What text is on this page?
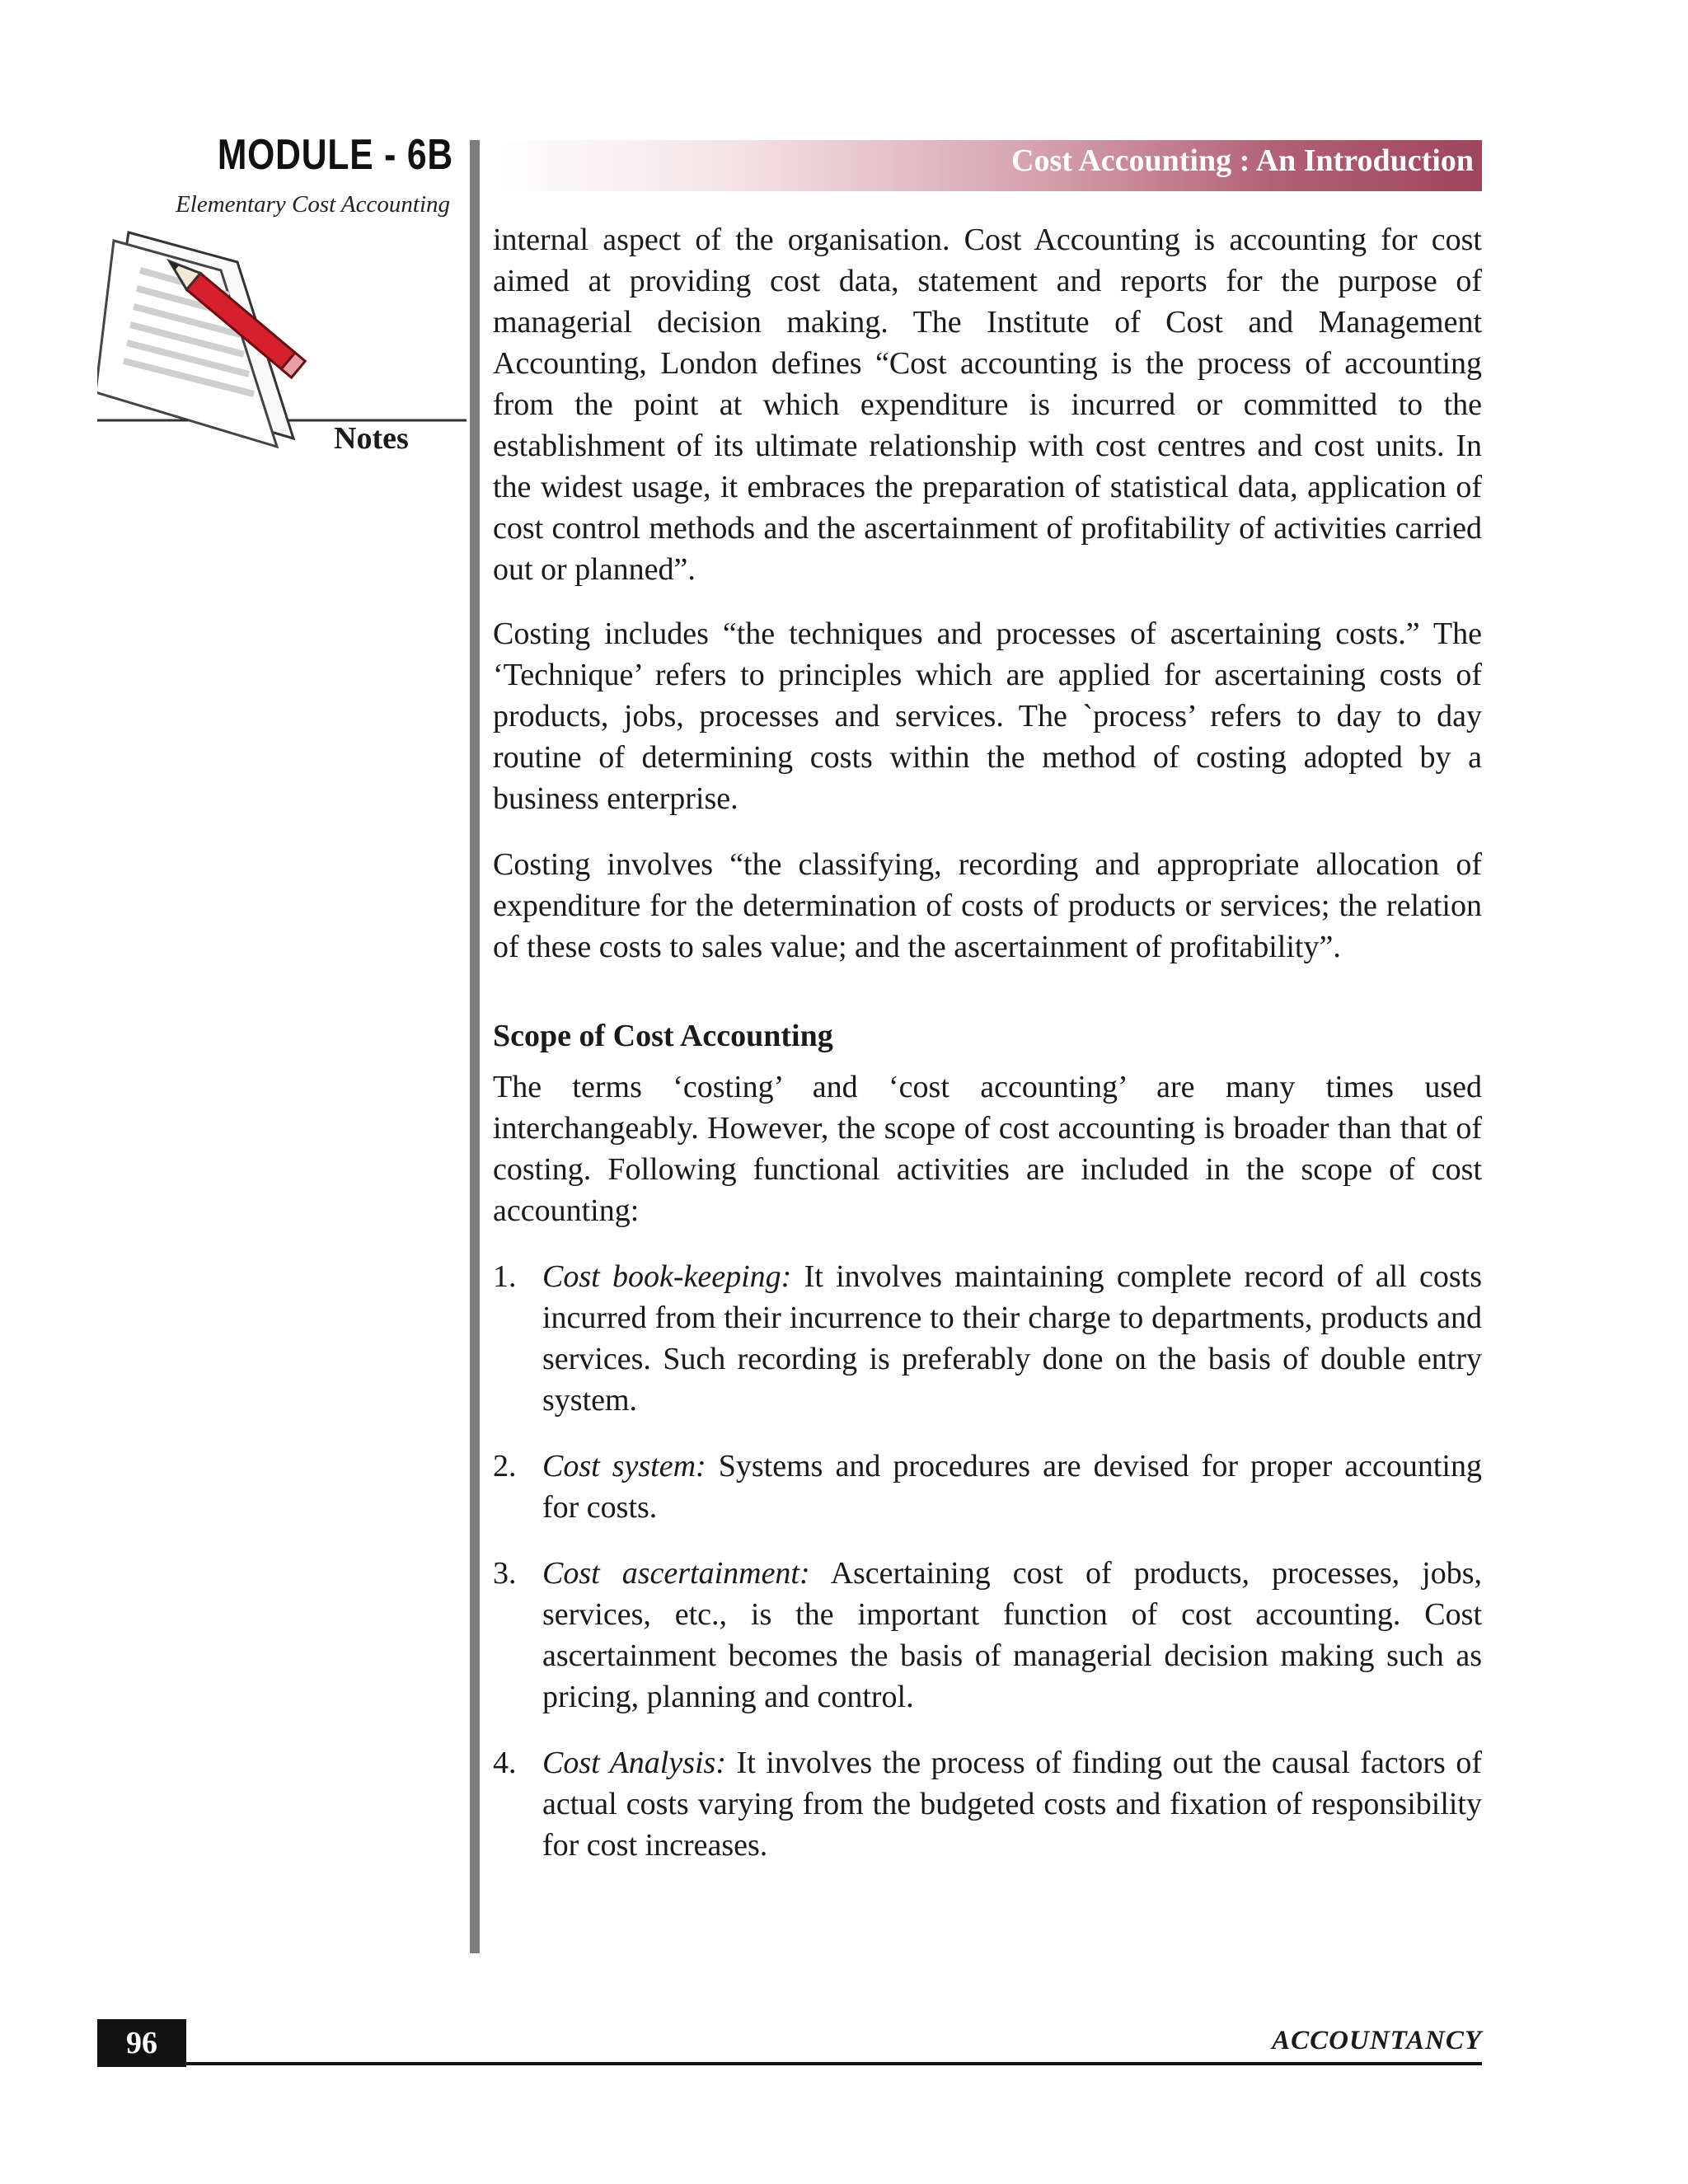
MODULE - 6B
Elementary Cost Accounting
Notes
Cost Accounting : An Introduction

internal aspect of the organisation. Cost Accounting is accounting for cost aimed at providing cost data, statement and reports for the purpose of managerial decision making. The Institute of Cost and Management Accounting, London defines “Cost accounting is the process of accounting from the point at which expenditure is incurred or committed to the establishment of its ultimate relationship with cost centres and cost units. In the widest usage, it embraces the preparation of statistical data, application of cost control methods and the ascertainment of profitability of activities carried out or planned”.

Costing includes “the techniques and processes of ascertaining costs.” The ‘Technique’ refers to principles which are applied for ascertaining costs of products, jobs, processes and services. The `process’ refers to day to day routine of determining costs within the method of costing adopted by a business enterprise.

Costing involves “the classifying, recording and appropriate allocation of expenditure for the determination of costs of products or services; the relation of these costs to sales value; and the ascertainment of profitability”.

Scope of Cost Accounting

The terms ‘costing’ and ‘cost accounting’ are many times used interchangeably. However, the scope of cost accounting is broader than that of costing. Following functional activities are included in the scope of cost accounting:

1. Cost book-keeping: It involves maintaining complete record of all costs incurred from their incurrence to their charge to departments, products and services. Such recording is preferably done on the basis of double entry system.
2. Cost system: Systems and procedures are devised for proper accounting for costs.
3. Cost ascertainment: Ascertaining cost of products, processes, jobs, services, etc., is the important function of cost accounting. Cost ascertainment becomes the basis of managerial decision making such as pricing, planning and control.
4. Cost Analysis: It involves the process of finding out the causal factors of actual costs varying from the budgeted costs and fixation of responsibility for cost increases.
96	ACCOUNTANCY
